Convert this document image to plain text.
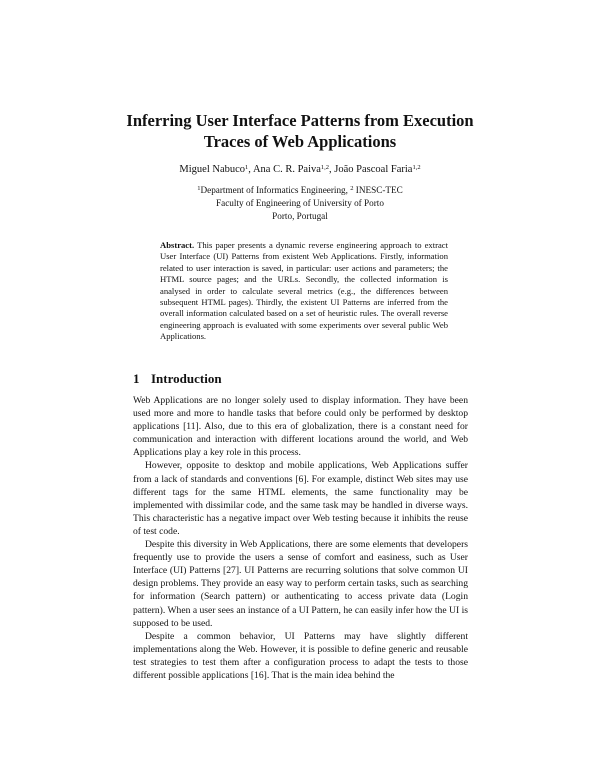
Inferring User Interface Patterns from Execution
Traces of Web Applications
Miguel Nabuco$^1$, Ana C. R. Paiva$^{1,2}$, João Pascoal Faria$^{1,2}$
$^1$Department of Informatics Engineering, $^2$ INESC-TEC
Faculty of Engineering of University of Porto
Porto, Portugal
Abstract. This paper presents a dynamic reverse engineering approach to extract User Interface (UI) Patterns from existent Web Applications. Firstly, information related to user interaction is saved, in particular: user actions and parameters; the HTML source pages; and the URLs. Secondly, the collected information is analysed in order to calculate several metrics (e.g., the differences between subsequent HTML pages). Thirdly, the existent UI Patterns are inferred from the overall information calculated based on a set of heuristic rules. The overall reverse engineering approach is evaluated with some experiments over several public Web Applications.
1 Introduction

Web Applications are no longer solely used to display information. They have been used more and more to handle tasks that before could only be performed by desktop applications [11]. Also, due to this era of globalization, there is a constant need for communication and interaction with different locations around the world, and Web Applications play a key role in this process.

However, opposite to desktop and mobile applications, Web Applications suffer from a lack of standards and conventions [6]. For example, distinct Web sites may use different tags for the same HTML elements, the same functionality may be implemented with dissimilar code, and the same task may be handled in diverse ways. This characteristic has a negative impact over Web testing because it inhibits the reuse of test code.

Despite this diversity in Web Applications, there are some elements that developers frequently use to provide the users a sense of comfort and easiness, such as User Interface (UI) Patterns [27]. UI Patterns are recurring solutions that solve common UI design problems. They provide an easy way to perform certain tasks, such as searching for information (Search pattern) or authenticating to access private data (Login pattern). When a user sees an instance of a UI Pattern, he can easily infer how the UI is supposed to be used.

Despite a common behavior, UI Patterns may have slightly different implementations along the Web. However, it is possible to define generic and reusable test strategies to test them after a configuration process to adapt the tests to those different possible applications [16]. That is the main idea behind the
